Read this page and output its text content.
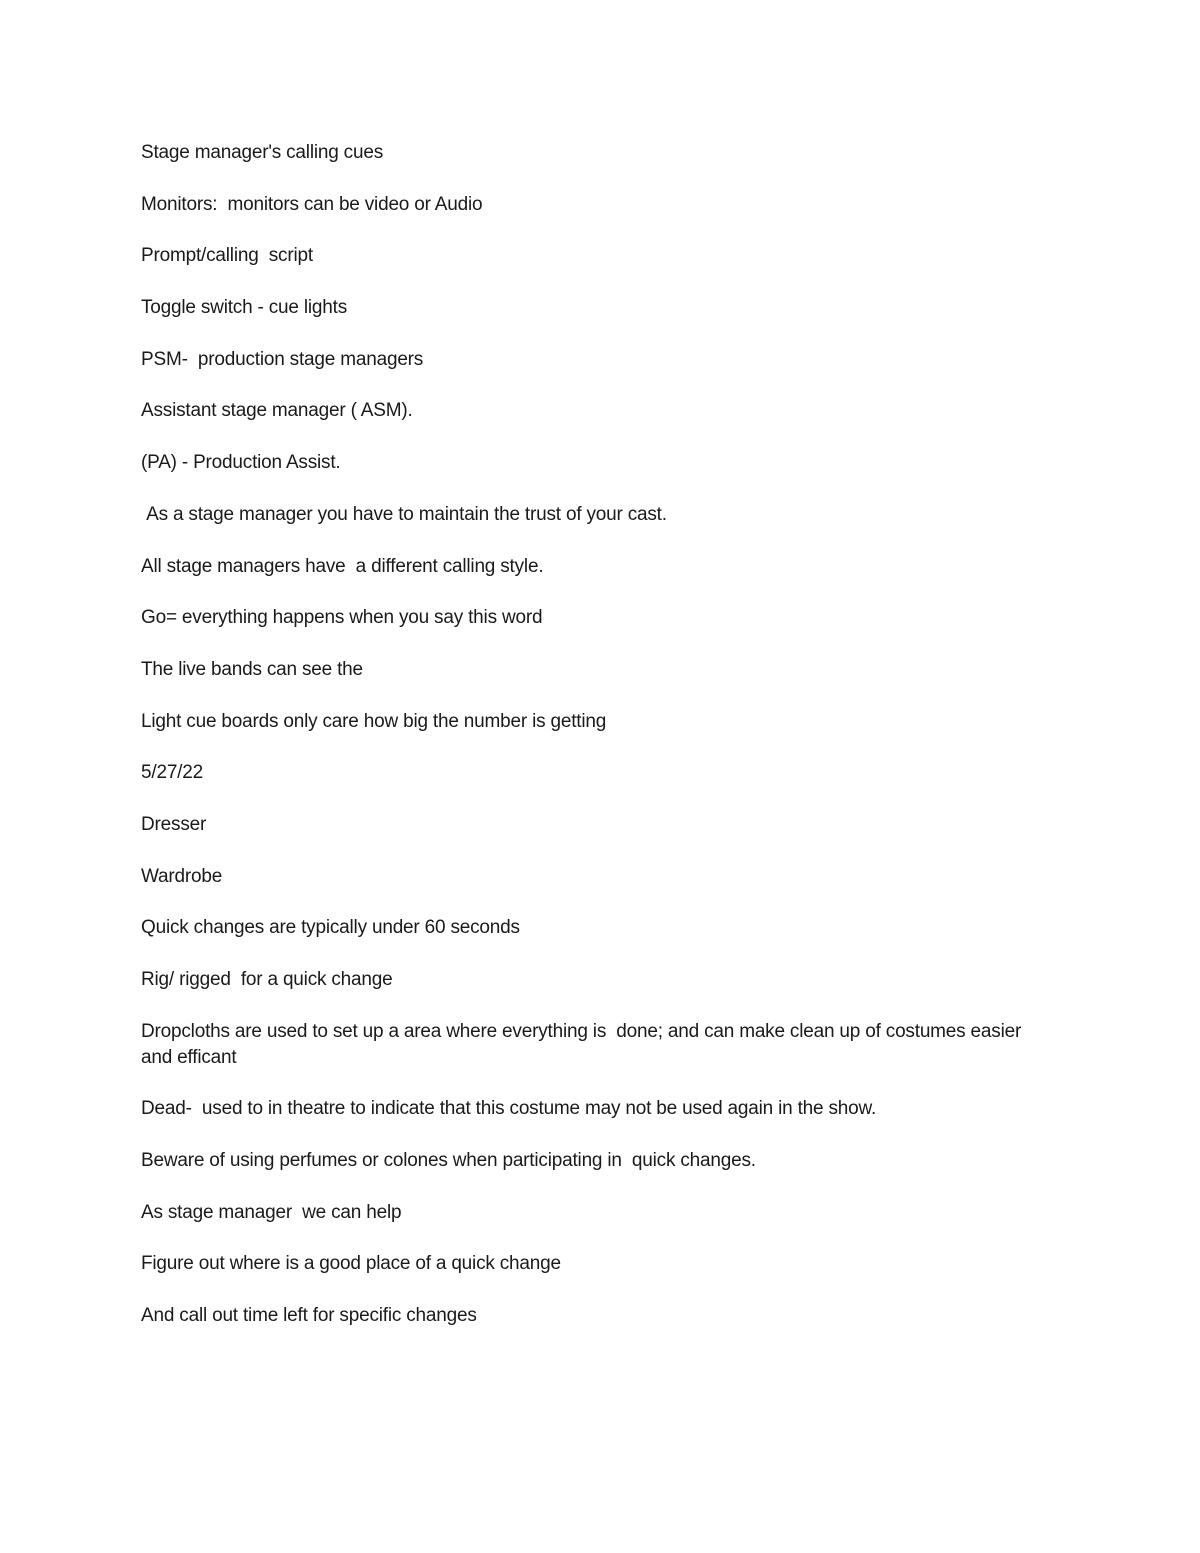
Stage manager's calling cues

Monitors:  monitors can be video or Audio

Prompt/calling  script

Toggle switch - cue lights

PSM-  production stage managers

Assistant stage manager ( ASM).

(PA) - Production Assist.

As a stage manager you have to maintain the trust of your cast.

All stage managers have  a different calling style.

Go= everything happens when you say this word

The live bands can see the

Light cue boards only care how big the number is getting

5/27/22

Dresser

Wardrobe

Quick changes are typically under 60 seconds

Rig/ rigged  for a quick change

Dropcloths are used to set up a area where everything is  done; and can make clean up of costumes easier and efficant

Dead-  used to in theatre to indicate that this costume may not be used again in the show.

Beware of using perfumes or colones when participating in  quick changes.

As stage manager  we can help

Figure out where is a good place of a quick change

And call out time left for specific changes
